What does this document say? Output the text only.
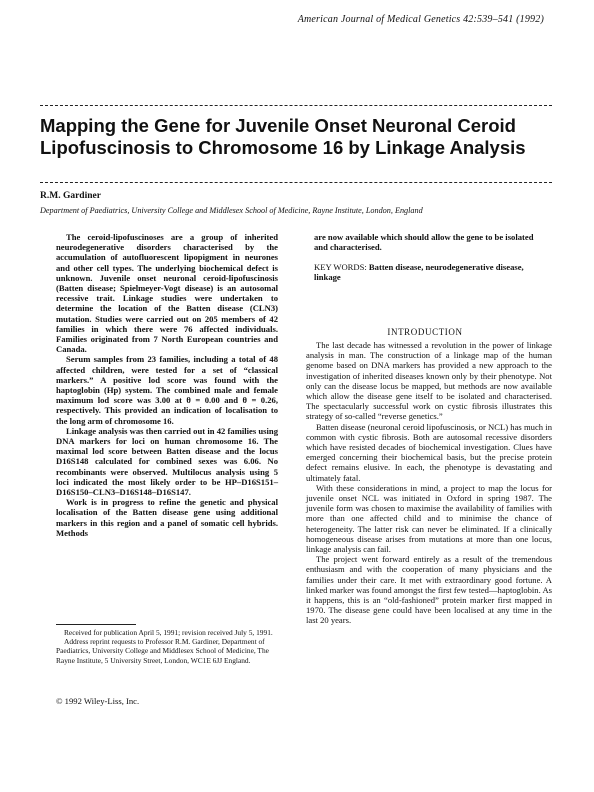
American Journal of Medical Genetics 42:539–541 (1992)
Mapping the Gene for Juvenile Onset Neuronal Ceroid Lipofuscinosis to Chromosome 16 by Linkage Analysis
R.M. Gardiner
Department of Paediatrics, University College and Middlesex School of Medicine, Rayne Institute, London, England

The ceroid-lipofuscinoses are a group of inherited neurodegenerative disorders characterised by the accumulation of autofluorescent lipopigment in neurones and other cell types. The underlying biochemical defect is unknown. Juvenile onset neuronal ceroid-lipofuscinosis (Batten disease; Spielmeyer-Vogt disease) is an autosomal recessive trait. Linkage studies were undertaken to determine the location of the Batten disease (CLN3) mutation. Studies were carried out on 205 members of 42 families in which there were 76 affected individuals. Families originated from 7 North European countries and Canada.

Serum samples from 23 families, including a total of 48 affected children, were tested for a set of “classical markers.” A positive lod score was found with the haptoglobin (Hp) system. The combined male and female maximum lod score was 3.00 at θ = 0.00 and θ = 0.26, respectively. This provided an indication of localisation to the long arm of chromosome 16.

Linkage analysis was then carried out in 42 families using DNA markers for loci on human chromosome 16. The maximal lod score between Batten disease and the locus D16S148 calculated for combined sexes was 6.06. No recombinants were observed. Multilocus analysis using 5 loci indicated the most likely order to be HP–D16S151–D16S150–CLN3–D16S148–D16S147.

Work is in progress to refine the genetic and physical localisation of the Batten disease gene using additional markers in this region and a panel of somatic cell hybrids. Methods

are now available which should allow the gene to be isolated and characterised.
KEY WORDS: Batten disease, neurodegenerative disease, linkage
INTRODUCTION

The last decade has witnessed a revolution in the power of linkage analysis in man. The construction of a linkage map of the human genome based on DNA markers has provided a new approach to the investigation of inherited diseases known only by their phenotype. Not only can the disease locus be mapped, but methods are now available which allow the disease gene itself to be isolated and characterised. The spectacularly successful work on cystic fibrosis illustrates this strategy of so-called “reverse genetics.”

Batten disease (neuronal ceroid lipofuscinosis, or NCL) has much in common with cystic fibrosis. Both are autosomal recessive disorders which have resisted decades of biochemical investigation. Clues have emerged concerning their biochemical basis, but the precise protein defect remains elusive. In each, the phenotype is devastating and ultimately fatal.

With these considerations in mind, a project to map the locus for juvenile onset NCL was initiated in Oxford in spring 1987. The juvenile form was chosen to maximise the availability of families with more than one affected child and to minimise the chance of heterogeneity. The latter risk can never be eliminated. If a clinically homogeneous disease arises from mutations at more than one locus, linkage analysis can fail.

The project went forward entirely as a result of the tremendous enthusiasm and with the cooperation of many physicians and the families under their care. It met with extraordinary good fortune. A linked marker was found amongst the first few tested—haptoglobin. As it happens, this is an “old-fashioned” protein marker first mapped in 1970. The disease gene could have been localised at any time in the last 20 years.

Received for publication April 5, 1991; revision received July 5, 1991.

Address reprint requests to Professor R.M. Gardiner, Department of Paediatrics, University College and Middlesex School of Medicine, The Rayne Institute, 5 University Street, London, WC1E 6JJ England.

© 1992 Wiley-Liss, Inc.
